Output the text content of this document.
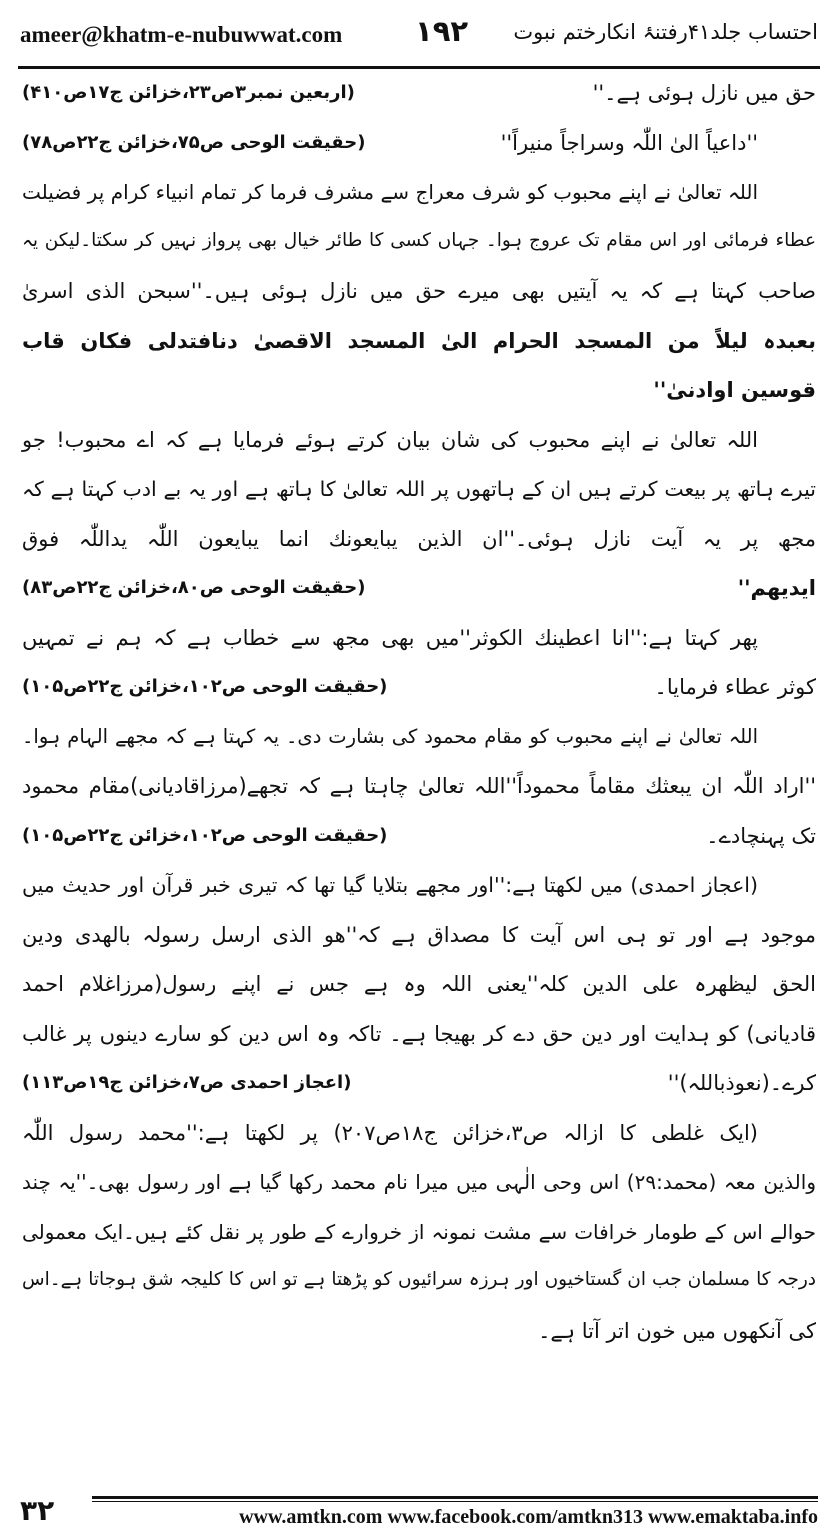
ameer@khatm-e-nubuwwat.com	۱۹۲ احتساب جلد۴۱رفتنۂ انکارختم نبوت
حق میں نازل ہوئی ہے۔''
(اربعین نمبر۳ص۲۳،خزائن ج۱۷ص۴۱۰)
''داعیاً الیٰ اللّٰہ وسراجاً منیراً''
(حقیقت الوحی ص۷۵،خزائن ج۲۲ص۷۸)
اللہ تعالیٰ نے اپنے محبوب کو شرف معراج سے مشرف فرما کر تمام انبیاء کرام پر فضیلت
عطاء فرمائی اور اس مقام تک عروج ہوا۔ جہاں کسی کا طائر خیال بھی پرواز نہیں کر سکتا۔لیکن یہ
صاحب کہتا ہے کہ یہ آیتیں بھی میرے حق میں نازل ہوئی ہیں۔''سبحن الذی اسریٰ
بعبدہ لیلاً من المسجد الحرام الیٰ المسجد الاقصیٰ دنافتدلی فکان قاب
قوسین اوادنیٰ''
اللہ تعالیٰ نے اپنے محبوب کی شان بیان کرتے ہوئے فرمایا ہے کہ اے محبوب! جو
تیرے ہاتھ پر بیعت کرتے ہیں ان کے ہاتھوں پر اللہ تعالیٰ کا ہاتھ ہے اور یہ بے ادب کہتا ہے کہ
مجھ پر یہ آیت نازل ہوئی۔''ان الذین یبایعونك انما یبایعون اللّٰہ یداللّٰہ فوق
ایدیھم''
(حقیقت الوحی ص۸۰،خزائن ج۲۲ص۸۳)
پھر کہتا ہے:''انا اعطینك الکوثر''میں بھی مجھ سے خطاب ہے کہ ہم نے تمہیں
کوثر عطاء فرمایا۔
(حقیقت الوحی ص۱۰۲،خزائن ج۲۲ص۱۰۵)
اللہ تعالیٰ نے اپنے محبوب کو مقام محمود کی بشارت دی۔ یہ کہتا ہے کہ مجھے الہام ہوا۔
''اراد اللّٰہ ان یبعثك مقاماً محموداً''اللہ تعالیٰ چاہتا ہے کہ تجھے(مرزاقادیانی)مقام محمود
تک پہنچادے۔
(حقیقت الوحی ص۱۰۲،خزائن ج۲۲ص۱۰۵)
(اعجاز احمدی) میں لکھتا ہے:''اور مجھے بتلایا گیا تھا کہ تیری خبر قرآن اور حدیث میں
موجود ہے اور تو ہی اس آیت کا مصداق ہے کہ''ھو الذی ارسل رسولہ بالھدی ودین
الحق لیظھرہ علی الدین کلہ''یعنی اللہ وہ ہے جس نے اپنے رسول(مرزاغلام احمد
قادیانی) کو ہدایت اور دین حق دے کر بھیجا ہے۔ تاکہ وہ اس دین کو سارے دینوں پر غالب
کرے۔(نعوذباللہ)''
(اعجاز احمدی ص۷،خزائن ج۱۹ص۱۱۳)
(ایک غلطی کا ازالہ ص۳،خزائن ج۱۸ص۲۰۷) پر لکھتا ہے:''محمد رسول اللّٰہ
والذین معہ (محمد:۲۹) اس وحی الٰہی میں میرا نام محمد رکھا گیا ہے اور رسول بھی۔''یہ چند
حوالے اس کے طومار خرافات سے مشت نمونہ از خروارے کے طور پر نقل کئے ہیں۔ایک معمولی
درجہ کا مسلمان جب ان گستاخیوں اور ہرزہ سرائیوں کو پڑھتا ہے تو اس کا کلیجہ شق ہوجاتا ہے۔اس
کی آنکھوں میں خون اتر آتا ہے۔
۳۲	www.amtkn.com www.facebook.com/amtkn313 www.emaktaba.info
